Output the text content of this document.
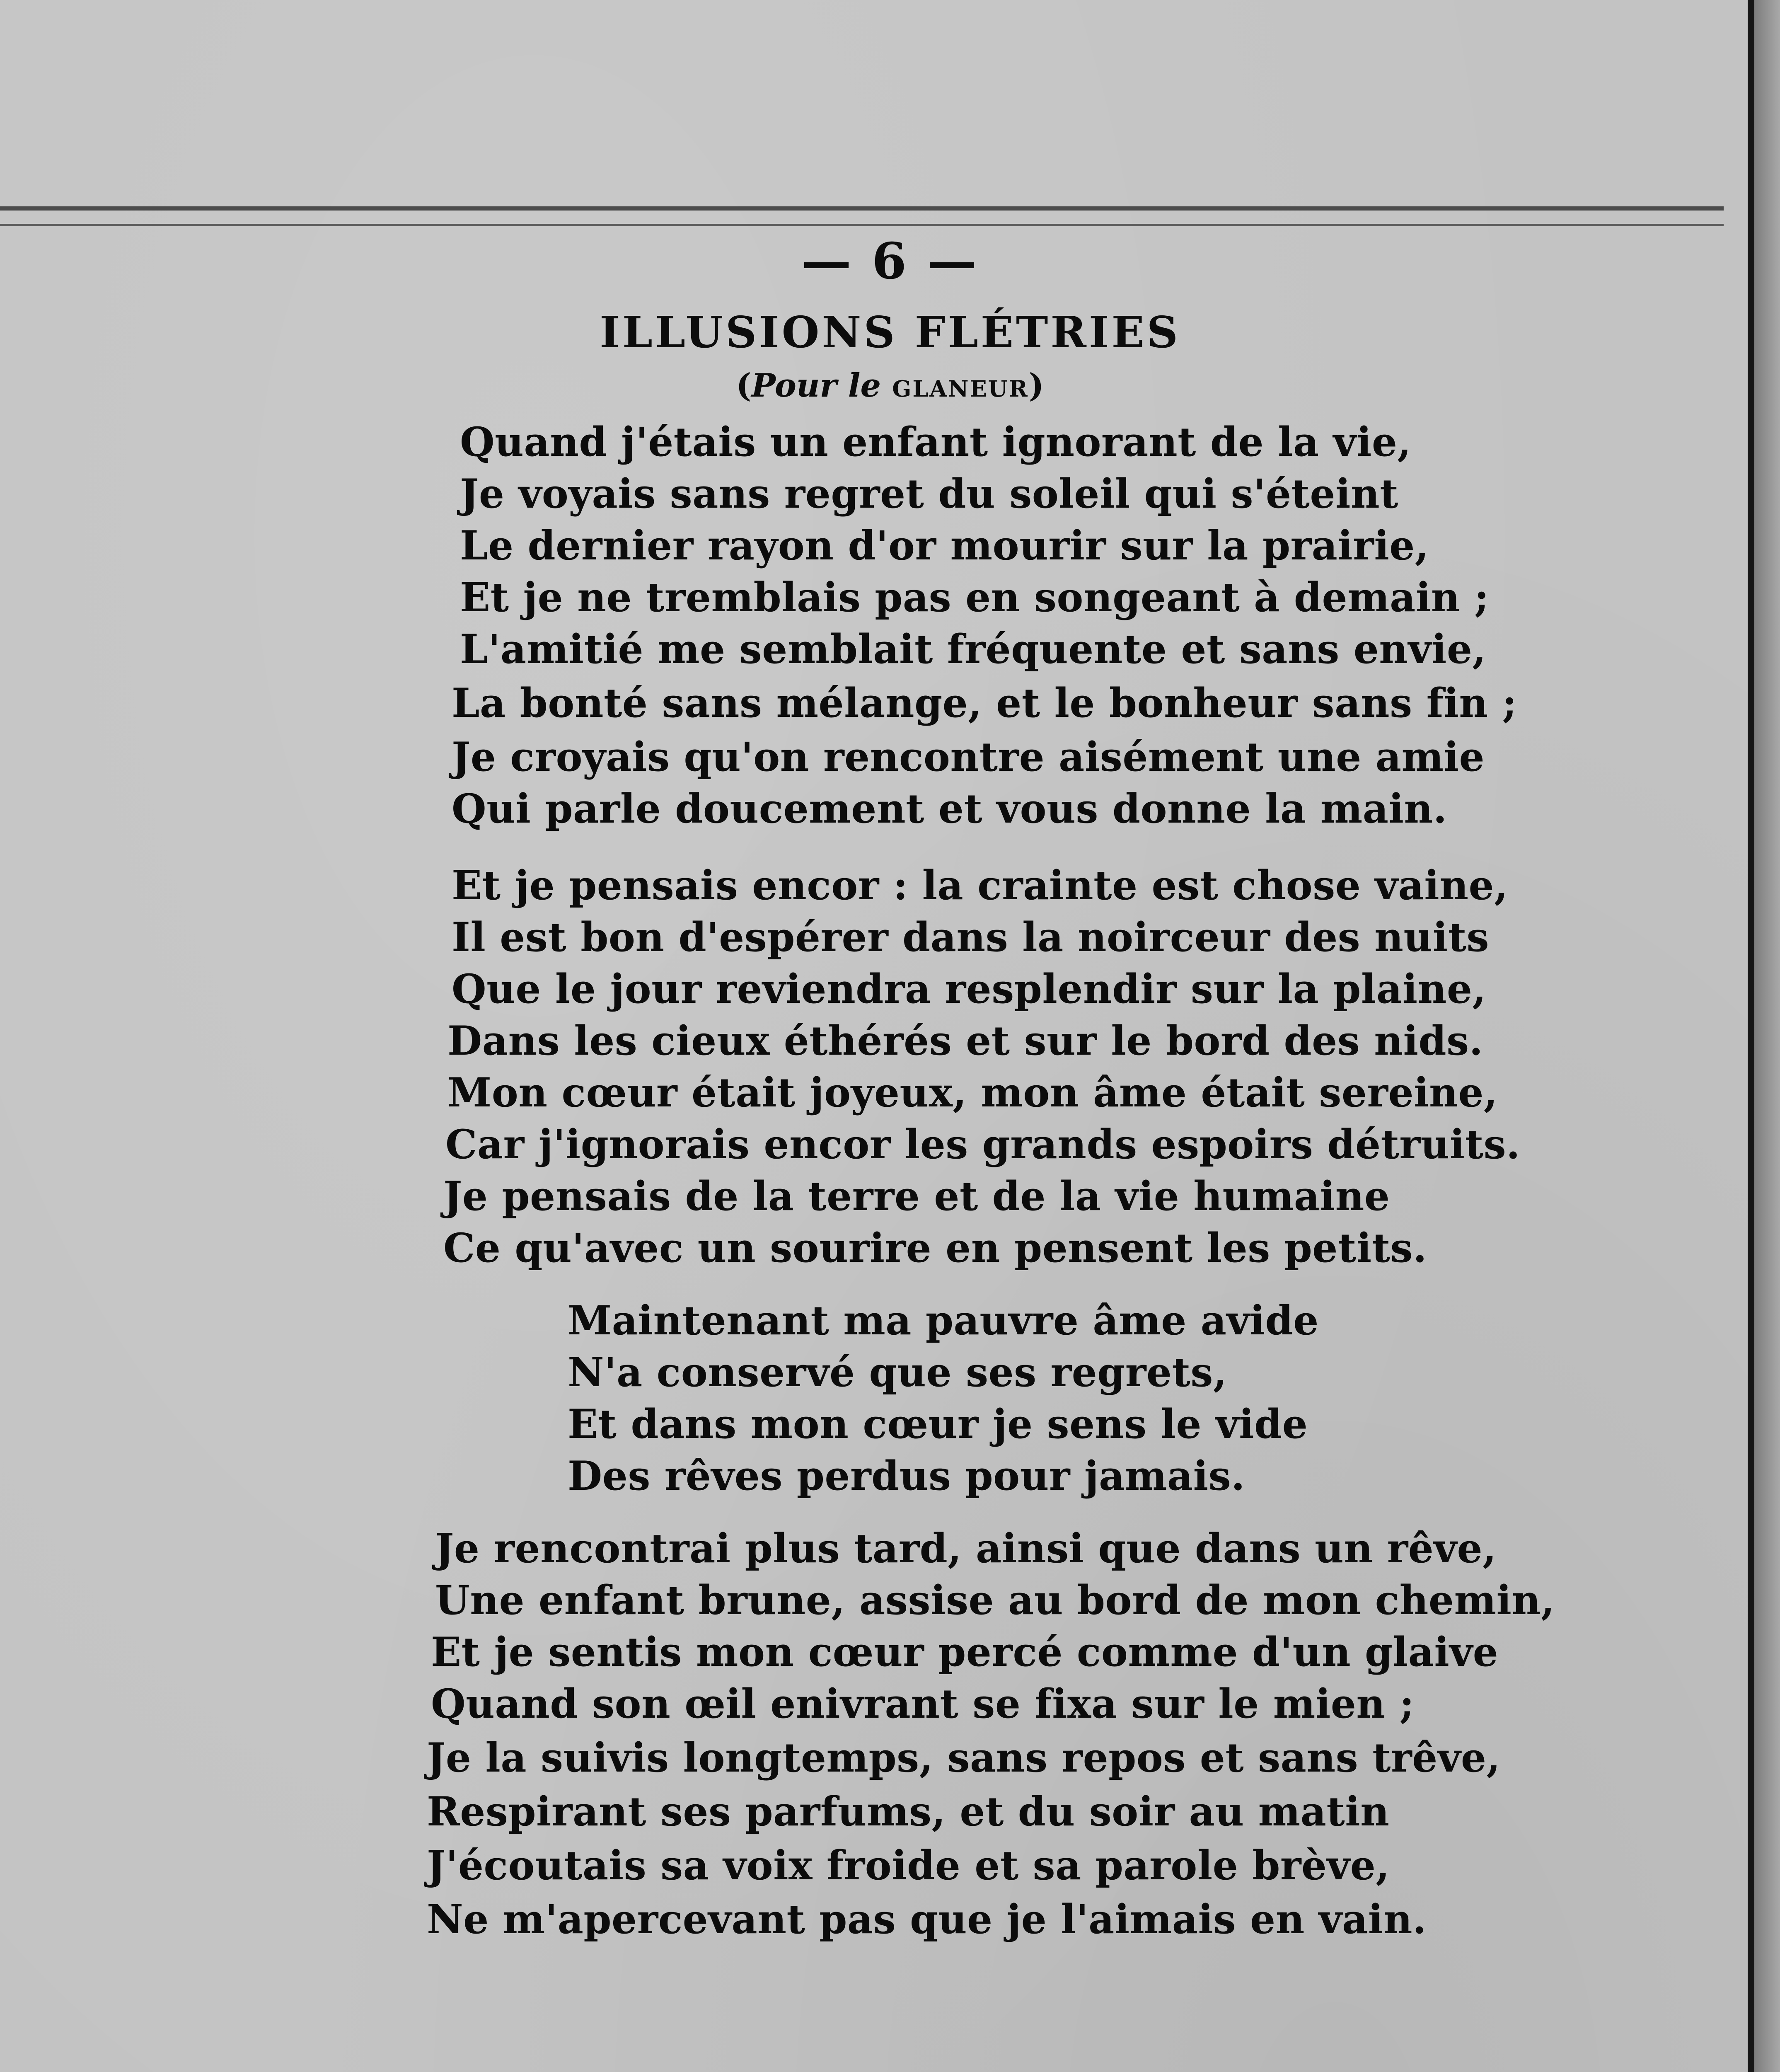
— 6 —
ILLUSIONS FLÉTRIES
(Pour le GLANEUR)
Quand j'étais un enfant ignorant de la vie,
Je voyais sans regret du soleil qui s'éteint
Le dernier rayon d'or mourir sur la prairie,
Et je ne tremblais pas en songeant à demain ;
L'amitié me semblait fréquente et sans envie,
La bonté sans mélange, et le bonheur sans fin ;
Je croyais qu'on rencontre aisément une amie
Qui parle doucement et vous donne la main.
Et je pensais encor : la crainte est chose vaine,
Il est bon d'espérer dans la noirceur des nuits
Que le jour reviendra resplendir sur la plaine,
Dans les cieux éthérés et sur le bord des nids.
Mon cœur était joyeux, mon âme était sereine,
Car j'ignorais encor les grands espoirs détruits.
Je pensais de la terre et de la vie humaine
Ce qu'avec un sourire en pensent les petits.
Maintenant ma pauvre âme avide
N'a conservé que ses regrets,
Et dans mon cœur je sens le vide
Des rêves perdus pour jamais.
Je rencontrai plus tard, ainsi que dans un rêve,
Une enfant brune, assise au bord de mon chemin,
Et je sentis mon cœur percé comme d'un glaive
Quand son œil enivrant se fixa sur le mien ;
Je la suivis longtemps, sans repos et sans trêve,
Respirant ses parfums, et du soir au matin
J'écoutais sa voix froide et sa parole brève,
Ne m'apercevant pas que je l'aimais en vain.
